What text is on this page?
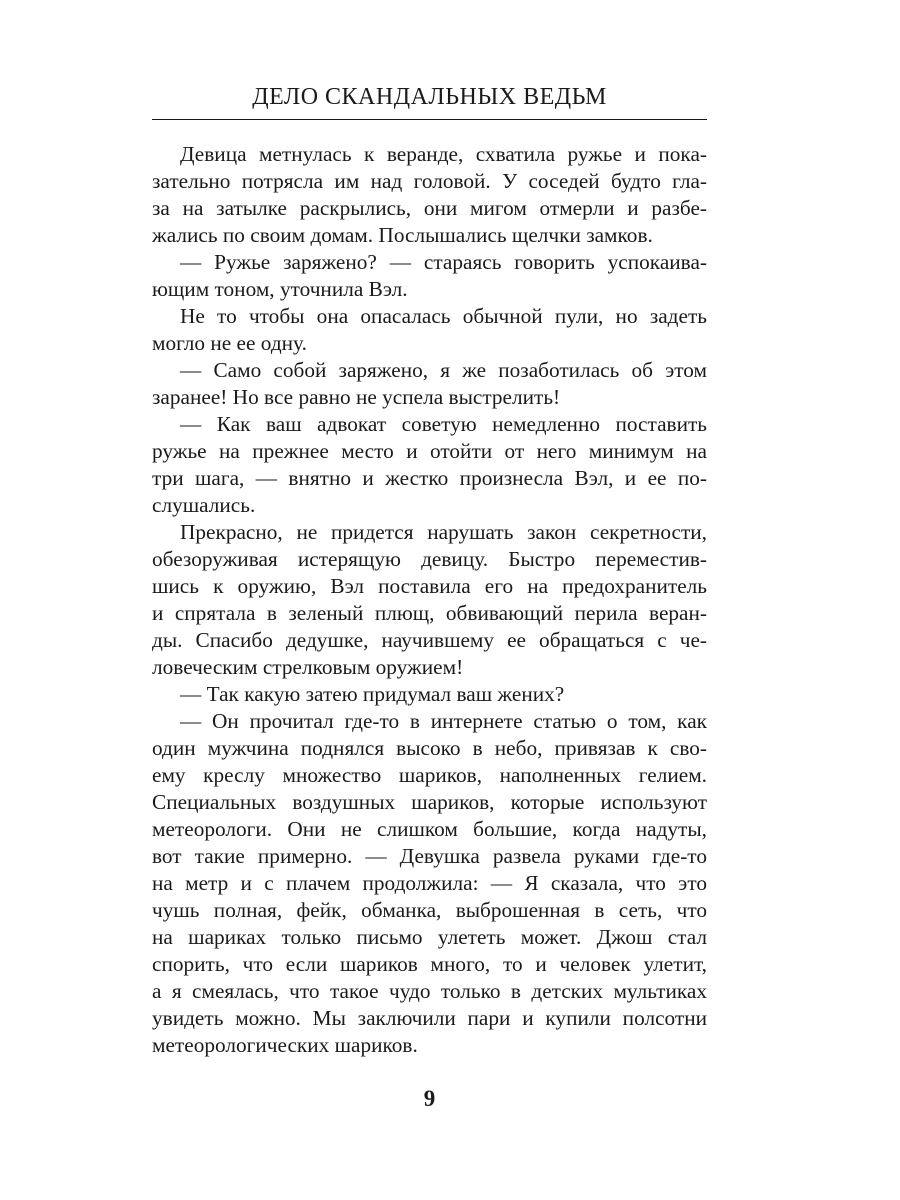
ДЕЛО СКАНДАЛЬНЫХ ВЕДЬМ
Девица метнулась к веранде, схватила ружье и пока-
зательно потрясла им над головой. У соседей будто гла-
за на затылке раскрылись, они мигом отмерли и разбе-
жались по своим домам. Послышались щелчки замков.
— Ружье заряжено? — стараясь говорить успокаива-
ющим тоном, уточнила Вэл.
Не то чтобы она опасалась обычной пули, но задеть
могло не ее одну.
— Само собой заряжено, я же позаботилась об этом
заранее! Но все равно не успела выстрелить!
— Как ваш адвокат советую немедленно поставить
ружье на прежнее место и отойти от него минимум на
три шага, — внятно и жестко произнесла Вэл, и ее по-
слушались.
Прекрасно, не придется нарушать закон секретности,
обезоруживая истерящую девицу. Быстро переместив-
шись к оружию, Вэл поставила его на предохранитель
и спрятала в зеленый плющ, обвивающий перила веран-
ды. Спасибо дедушке, научившему ее обращаться с че-
ловеческим стрелковым оружием!
— Так какую затею придумал ваш жених?
— Он прочитал где-то в интернете статью о том, как
один мужчина поднялся высоко в небо, привязав к сво-
ему креслу множество шариков, наполненных гелием.
Специальных воздушных шариков, которые используют
метеорологи. Они не слишком большие, когда надуты,
вот такие примерно. — Девушка развела руками где-то
на метр и с плачем продолжила: — Я сказала, что это
чушь полная, фейк, обманка, выброшенная в сеть, что
на шариках только письмо улететь может. Джош стал
спорить, что если шариков много, то и человек улетит,
а я смеялась, что такое чудо только в детских мультиках
увидеть можно. Мы заключили пари и купили полсотни
метеорологических шариков.
9
